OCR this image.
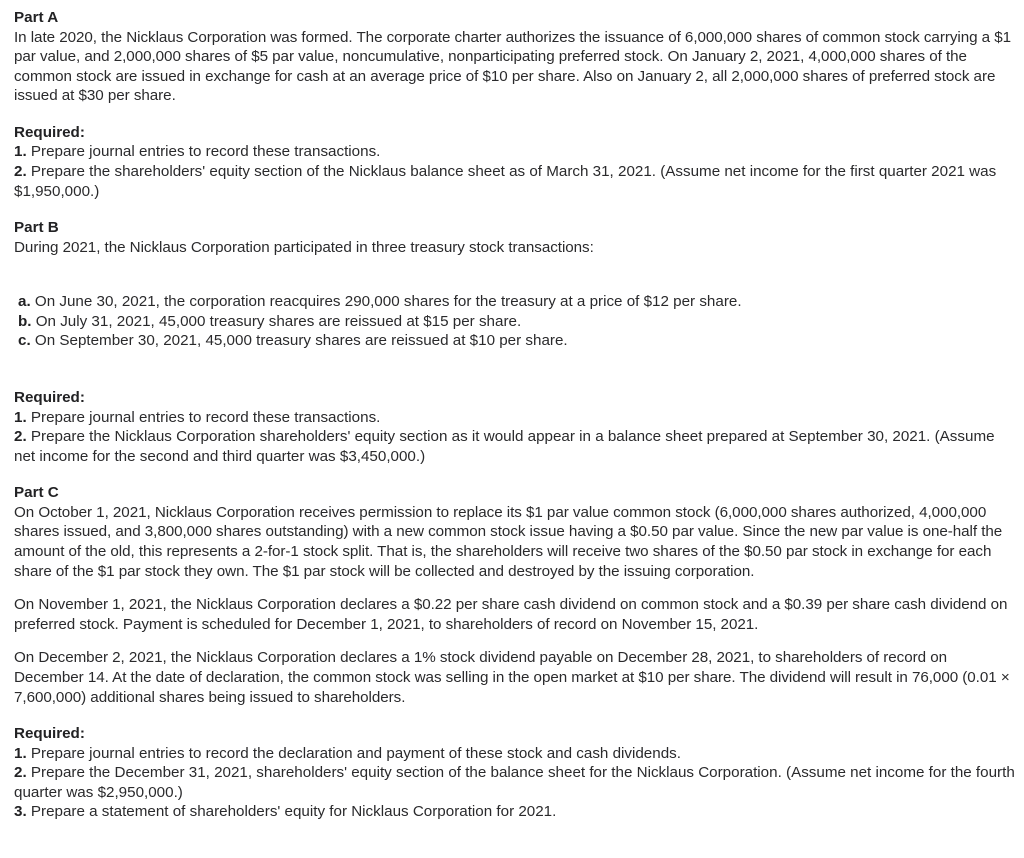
Part A
In late 2020, the Nicklaus Corporation was formed. The corporate charter authorizes the issuance of 6,000,000 shares of common stock carrying a $1 par value, and 2,000,000 shares of $5 par value, noncumulative, nonparticipating preferred stock. On January 2, 2021, 4,000,000 shares of the common stock are issued in exchange for cash at an average price of $10 per share. Also on January 2, all 2,000,000 shares of preferred stock are issued at $30 per share.
Required:
1. Prepare journal entries to record these transactions.
2. Prepare the shareholders' equity section of the Nicklaus balance sheet as of March 31, 2021. (Assume net income for the first quarter 2021 was $1,950,000.)
Part B
During 2021, the Nicklaus Corporation participated in three treasury stock transactions:
a. On June 30, 2021, the corporation reacquires 290,000 shares for the treasury at a price of $12 per share.
b. On July 31, 2021, 45,000 treasury shares are reissued at $15 per share.
c. On September 30, 2021, 45,000 treasury shares are reissued at $10 per share.
Required:
1. Prepare journal entries to record these transactions.
2. Prepare the Nicklaus Corporation shareholders' equity section as it would appear in a balance sheet prepared at September 30, 2021. (Assume net income for the second and third quarter was $3,450,000.)
Part C
On October 1, 2021, Nicklaus Corporation receives permission to replace its $1 par value common stock (6,000,000 shares authorized, 4,000,000 shares issued, and 3,800,000 shares outstanding) with a new common stock issue having a $0.50 par value. Since the new par value is one-half the amount of the old, this represents a 2-for-1 stock split. That is, the shareholders will receive two shares of the $0.50 par stock in exchange for each share of the $1 par stock they own. The $1 par stock will be collected and destroyed by the issuing corporation.
On November 1, 2021, the Nicklaus Corporation declares a $0.22 per share cash dividend on common stock and a $0.39 per share cash dividend on preferred stock. Payment is scheduled for December 1, 2021, to shareholders of record on November 15, 2021.
On December 2, 2021, the Nicklaus Corporation declares a 1% stock dividend payable on December 28, 2021, to shareholders of record on December 14. At the date of declaration, the common stock was selling in the open market at $10 per share. The dividend will result in 76,000 (0.01 × 7,600,000) additional shares being issued to shareholders.
Required:
1. Prepare journal entries to record the declaration and payment of these stock and cash dividends.
2. Prepare the December 31, 2021, shareholders' equity section of the balance sheet for the Nicklaus Corporation. (Assume net income for the fourth quarter was $2,950,000.)
3. Prepare a statement of shareholders' equity for Nicklaus Corporation for 2021.
